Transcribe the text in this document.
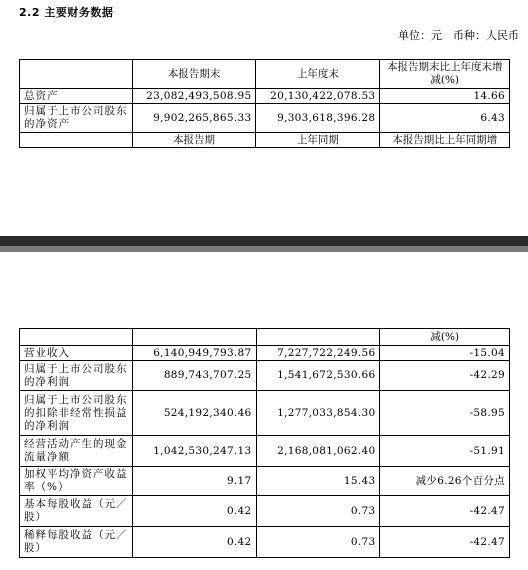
2.2 主要财务数据
单位：元　币种：人民币
	本报告期末	上年度末	本报告期末比上年度末增减(%)
总资产	23,082,493,508.95	20,130,422,078.53	14.66
归属于上市公司股东的净资产	9,902,265,865.33	9,303,618,396.28	6.43
	本报告期	上年同期	本报告期比上年同期增
			减(%)
营业收入	6,140,949,793.87	7,227,722,249.56	-15.04
归属于上市公司股东的净利润	889,743,707.25	1,541,672,530.66	-42.29
归属于上市公司股东的扣除非经常性损益的净利润	524,192,340.46	1,277,033,854.30	-58.95
经营活动产生的现金流量净额	1,042,530,247.13	2,168,081,062.40	-51.91
加权平均净资产收益率（%）	9.17	15.43	减少6.26个百分点
基本每股收益（元／股）	0.42	0.73	-42.47
稀释每股收益（元／股）	0.42	0.73	-42.47
